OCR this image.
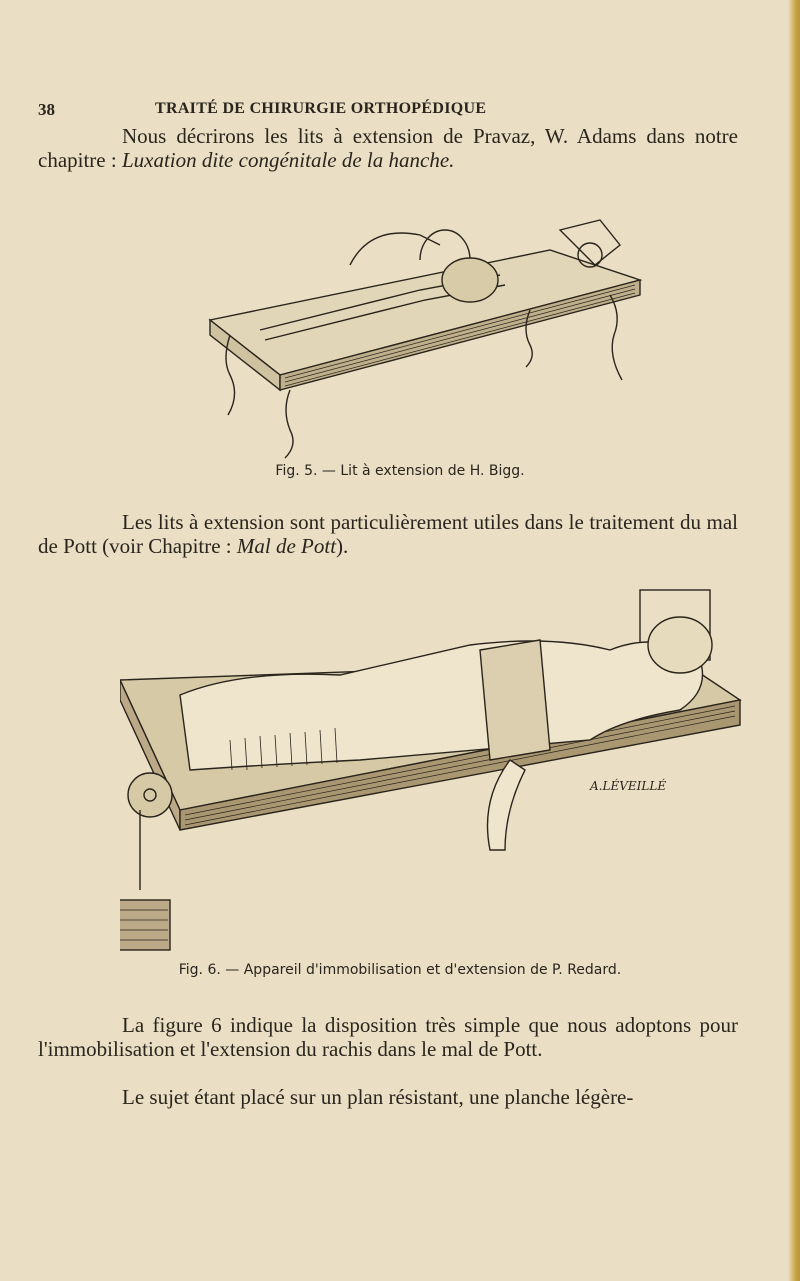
38	TRAITÉ DE CHIRURGIE ORTHOPÉDIQUE

Nous décrirons les lits à extension de Pravaz, W. Adams dans notre chapitre : Luxation dite congénitale de la hanche.

Fig. 5. — Lit à extension de H. Bigg.

Les lits à extension sont particulièrement utiles dans le traitement du mal de Pott (voir Chapitre : Mal de Pott).

A.LÉVEILLÉ
Fig. 6. — Appareil d'immobilisation et d'extension de P. Redard.

La figure 6 indique la disposition très simple que nous adoptons pour l'immobilisation et l'extension du rachis dans le mal de Pott.

Le sujet étant placé sur un plan résistant, une planche légère-
